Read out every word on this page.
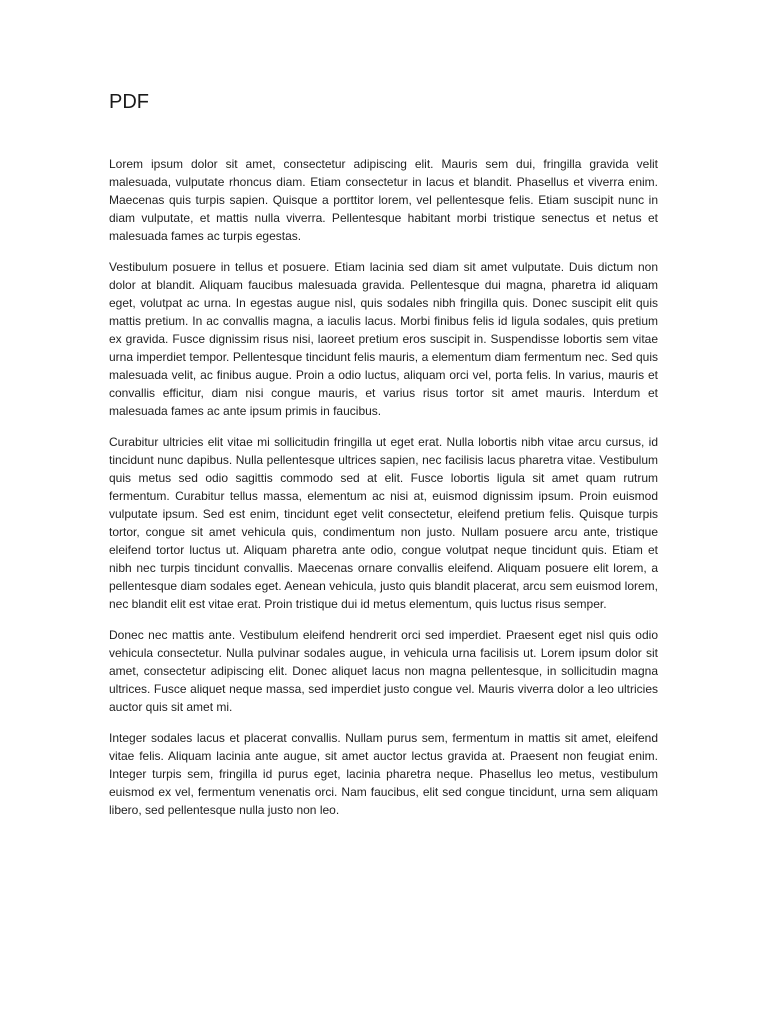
PDF

Lorem ipsum dolor sit amet, consectetur adipiscing elit. Mauris sem dui, fringilla gravida velit malesuada, vulputate rhoncus diam. Etiam consectetur in lacus et blandit. Phasellus et viverra enim. Maecenas quis turpis sapien. Quisque a porttitor lorem, vel pellentesque felis. Etiam suscipit nunc in diam vulputate, et mattis nulla viverra. Pellentesque habitant morbi tristique senectus et netus et malesuada fames ac turpis egestas.

Vestibulum posuere in tellus et posuere. Etiam lacinia sed diam sit amet vulputate. Duis dictum non dolor at blandit. Aliquam faucibus malesuada gravida. Pellentesque dui magna, pharetra id aliquam eget, volutpat ac urna. In egestas augue nisl, quis sodales nibh fringilla quis. Donec suscipit elit quis mattis pretium. In ac convallis magna, a iaculis lacus. Morbi finibus felis id ligula sodales, quis pretium ex gravida. Fusce dignissim risus nisi, laoreet pretium eros suscipit in. Suspendisse lobortis sem vitae urna imperdiet tempor. Pellentesque tincidunt felis mauris, a elementum diam fermentum nec. Sed quis malesuada velit, ac finibus augue. Proin a odio luctus, aliquam orci vel, porta felis. In varius, mauris et convallis efficitur, diam nisi congue mauris, et varius risus tortor sit amet mauris. Interdum et malesuada fames ac ante ipsum primis in faucibus.

Curabitur ultricies elit vitae mi sollicitudin fringilla ut eget erat. Nulla lobortis nibh vitae arcu cursus, id tincidunt nunc dapibus. Nulla pellentesque ultrices sapien, nec facilisis lacus pharetra vitae. Vestibulum quis metus sed odio sagittis commodo sed at elit. Fusce lobortis ligula sit amet quam rutrum fermentum. Curabitur tellus massa, elementum ac nisi at, euismod dignissim ipsum. Proin euismod vulputate ipsum. Sed est enim, tincidunt eget velit consectetur, eleifend pretium felis. Quisque turpis tortor, congue sit amet vehicula quis, condimentum non justo. Nullam posuere arcu ante, tristique eleifend tortor luctus ut. Aliquam pharetra ante odio, congue volutpat neque tincidunt quis. Etiam et nibh nec turpis tincidunt convallis. Maecenas ornare convallis eleifend. Aliquam posuere elit lorem, a pellentesque diam sodales eget. Aenean vehicula, justo quis blandit placerat, arcu sem euismod lorem, nec blandit elit est vitae erat. Proin tristique dui id metus elementum, quis luctus risus semper.

Donec nec mattis ante. Vestibulum eleifend hendrerit orci sed imperdiet. Praesent eget nisl quis odio vehicula consectetur. Nulla pulvinar sodales augue, in vehicula urna facilisis ut. Lorem ipsum dolor sit amet, consectetur adipiscing elit. Donec aliquet lacus non magna pellentesque, in sollicitudin magna ultrices. Fusce aliquet neque massa, sed imperdiet justo congue vel. Mauris viverra dolor a leo ultricies auctor quis sit amet mi.

Integer sodales lacus et placerat convallis. Nullam purus sem, fermentum in mattis sit amet, eleifend vitae felis. Aliquam lacinia ante augue, sit amet auctor lectus gravida at. Praesent non feugiat enim. Integer turpis sem, fringilla id purus eget, lacinia pharetra neque. Phasellus leo metus, vestibulum euismod ex vel, fermentum venenatis orci. Nam faucibus, elit sed congue tincidunt, urna sem aliquam libero, sed pellentesque nulla justo non leo.
